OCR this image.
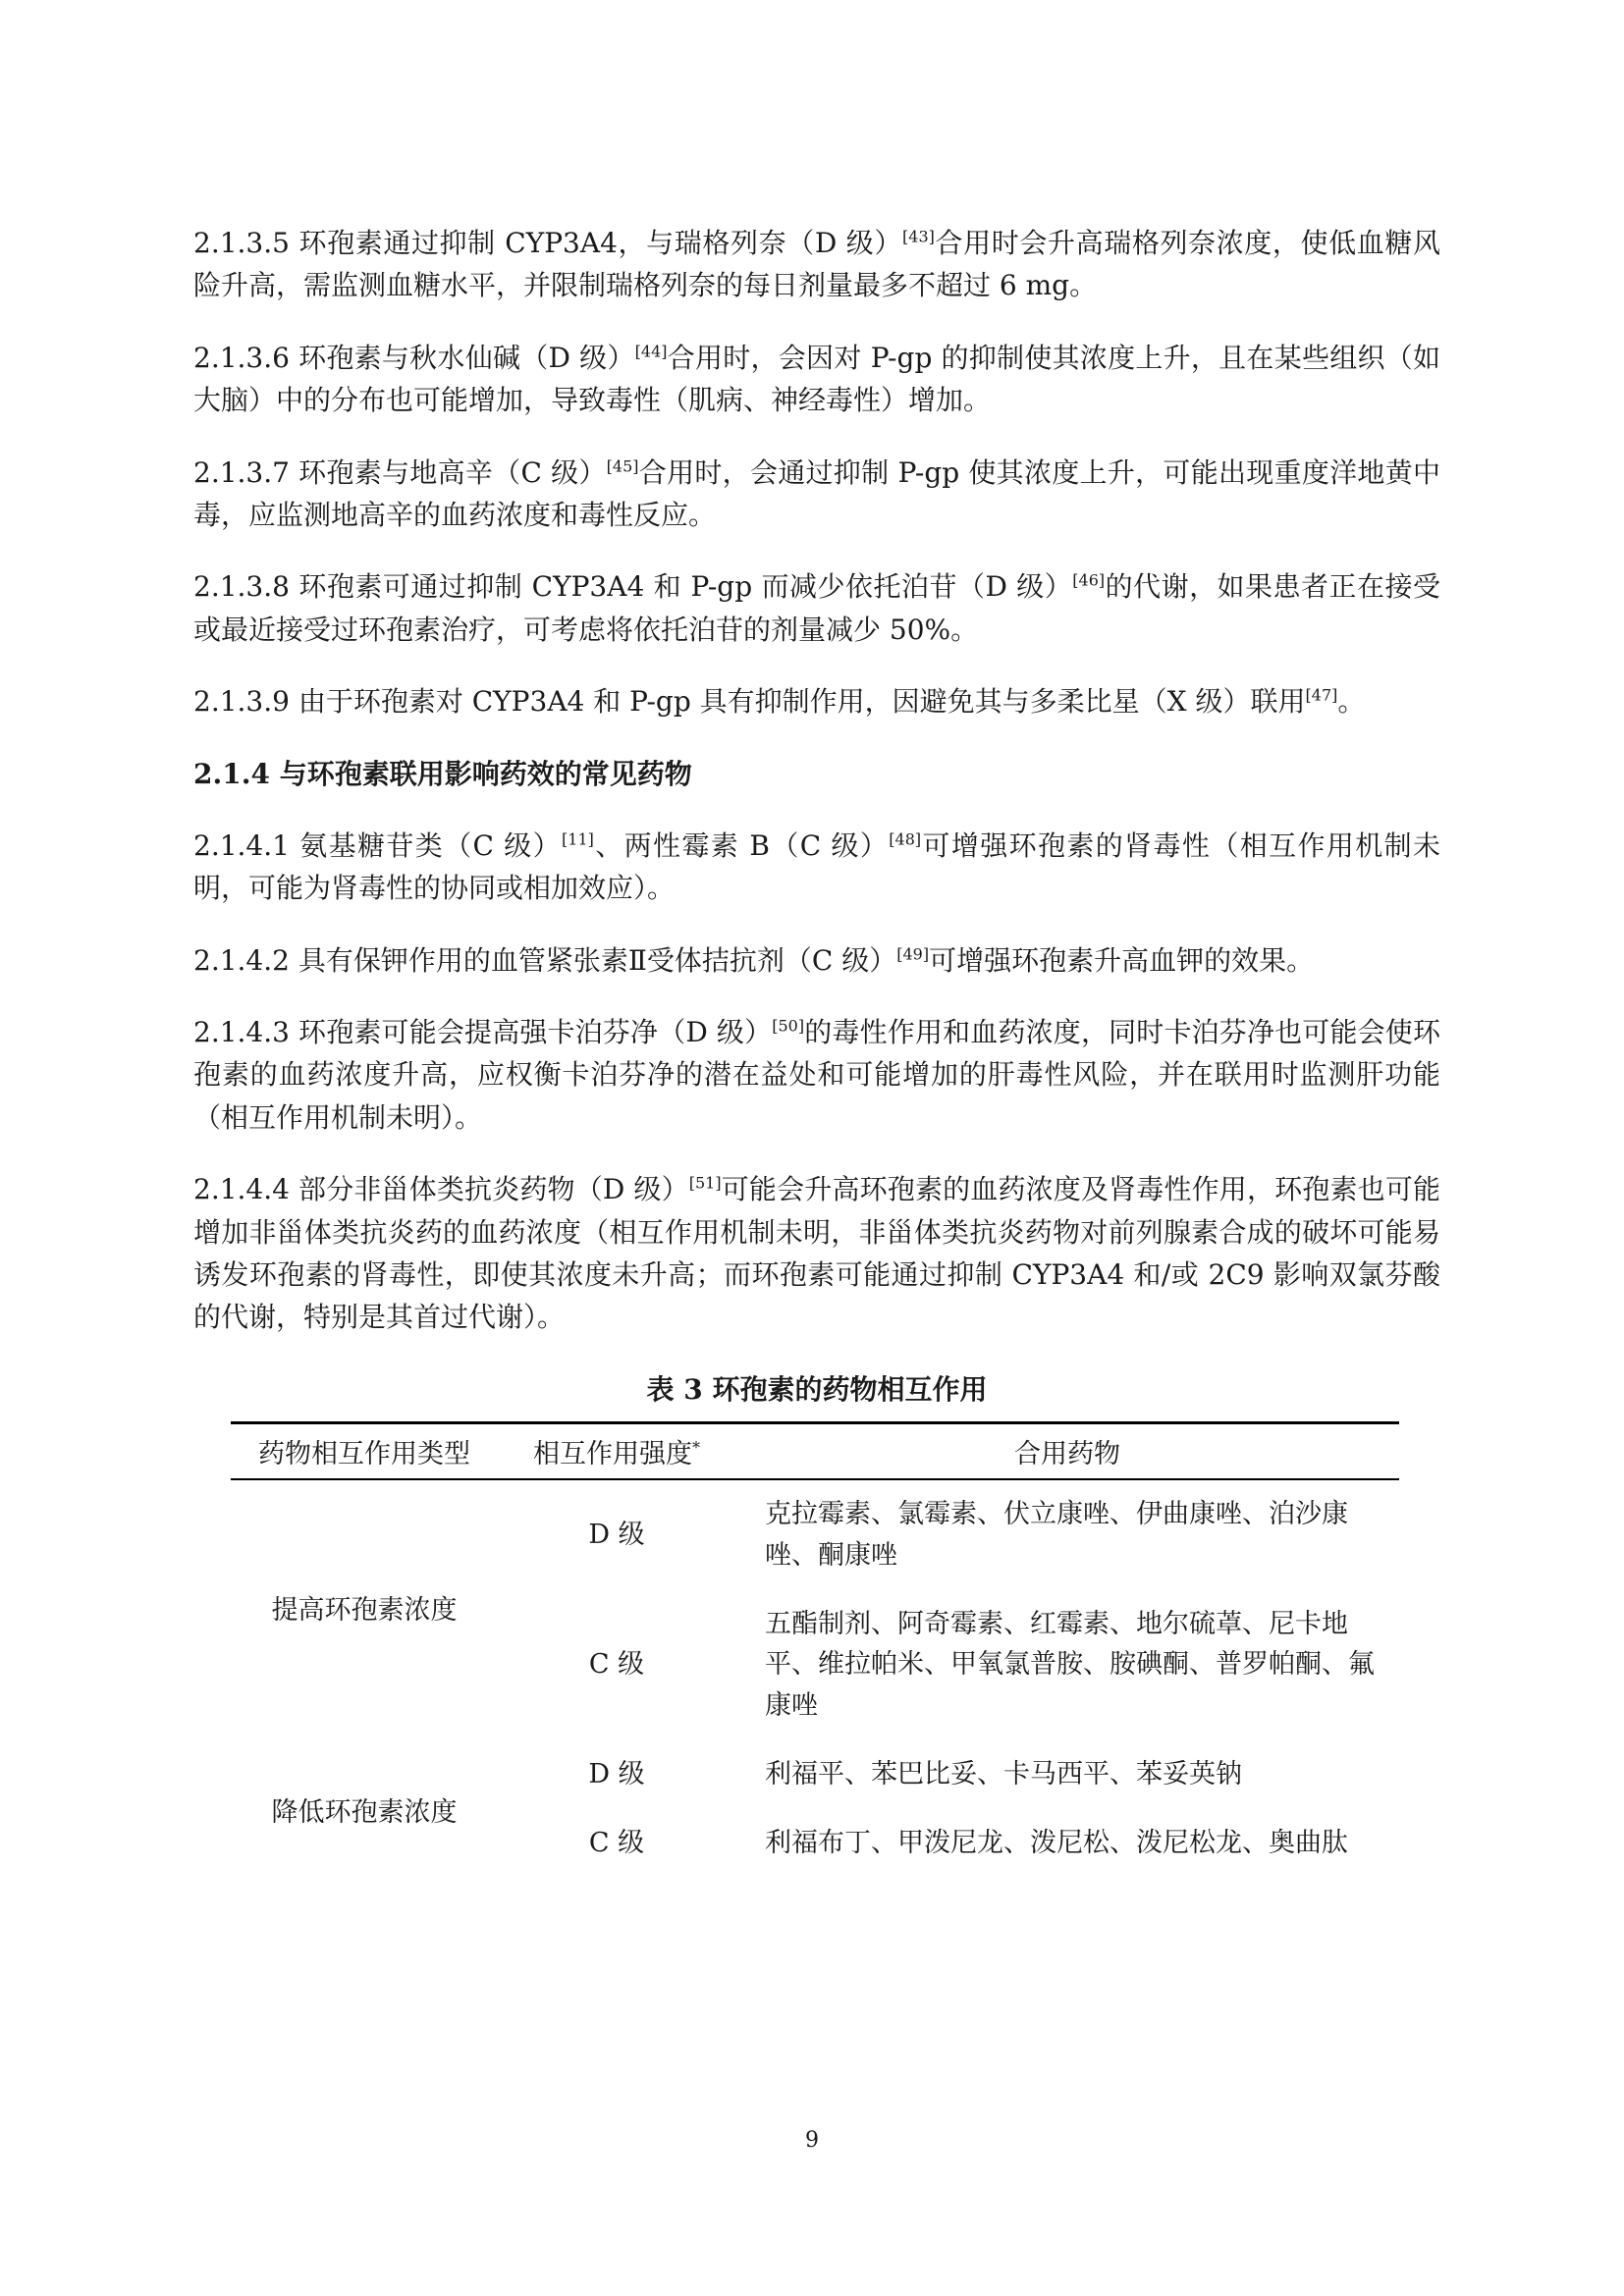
2.1.3.5 环孢素通过抑制 CYP3A4，与瑞格列奈（D 级）[43]合用时会升高瑞格列奈浓度，使低血糖风险升高，需监测血糖水平，并限制瑞格列奈的每日剂量最多不超过 6 mg。

2.1.3.6 环孢素与秋水仙碱（D 级）[44]合用时，会因对 P-gp 的抑制使其浓度上升，且在某些组织（如大脑）中的分布也可能增加，导致毒性（肌病、神经毒性）增加。

2.1.3.7 环孢素与地高辛（C 级）[45]合用时，会通过抑制 P-gp 使其浓度上升，可能出现重度洋地黄中毒，应监测地高辛的血药浓度和毒性反应。

2.1.3.8 环孢素可通过抑制 CYP3A4 和 P-gp 而减少依托泊苷（D 级）[46]的代谢，如果患者正在接受或最近接受过环孢素治疗，可考虑将依托泊苷的剂量减少 50%。

2.1.3.9 由于环孢素对 CYP3A4 和 P-gp 具有抑制作用，因避免其与多柔比星（X 级）联用[47]。

2.1.4 与环孢素联用影响药效的常见药物

2.1.4.1 氨基糖苷类（C 级）[11]、两性霉素 B（C 级）[48]可增强环孢素的肾毒性（相互作用机制未明，可能为肾毒性的协同或相加效应）。

2.1.4.2 具有保钾作用的血管紧张素Ⅱ受体拮抗剂（C 级）[49]可增强环孢素升高血钾的效果。

2.1.4.3 环孢素可能会提高强卡泊芬净（D 级）[50]的毒性作用和血药浓度，同时卡泊芬净也可能会使环孢素的血药浓度升高，应权衡卡泊芬净的潜在益处和可能增加的肝毒性风险，并在联用时监测肝功能（相互作用机制未明）。

2.1.4.4 部分非甾体类抗炎药物（D 级）[51]可能会升高环孢素的血药浓度及肾毒性作用，环孢素也可能增加非甾体类抗炎药的血药浓度（相互作用机制未明，非甾体类抗炎药物对前列腺素合成的破坏可能易诱发环孢素的肾毒性，即使其浓度未升高；而环孢素可能通过抑制 CYP3A4 和/或 2C9 影响双氯芬酸的代谢，特别是其首过代谢）。

表 3 环孢素的药物相互作用
药物相互作用类型	相互作用强度*	合用药物
提高环孢素浓度	D 级	克拉霉素、氯霉素、伏立康唑、伊曲康唑、泊沙康唑、酮康唑
	C 级	五酯制剂、阿奇霉素、红霉素、地尔硫䓬、尼卡地平、维拉帕米、甲氧氯普胺、胺碘酮、普罗帕酮、氟康唑
降低环孢素浓度	D 级	利福平、苯巴比妥、卡马西平、苯妥英钠
	C 级	利福布丁、甲泼尼龙、泼尼松、泼尼松龙、奥曲肽
9
